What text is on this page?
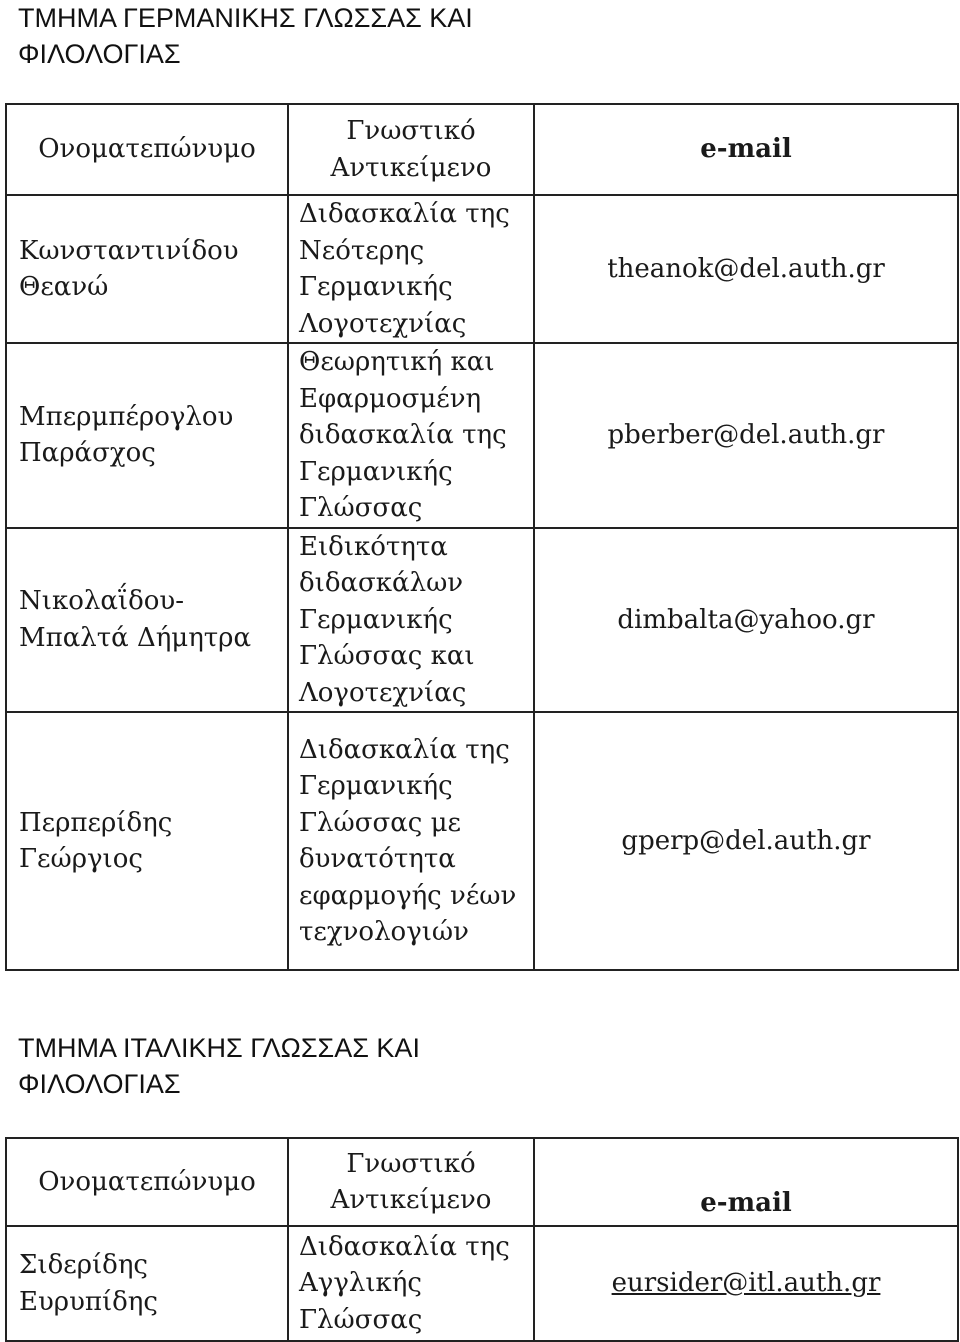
ΤΜΗΜΑ ΓΕΡΜΑΝΙΚΗΣ ΓΛΩΣΣΑΣ ΚΑΙ ΦΙΛΟΛΟΓΙΑΣ
Ονοματεπώνυμο	Γνωστικό Αντικείμενο	e-mail
Κωνσταντινίδου Θεανώ	Διδασκαλία της Νεότερης Γερμανικής Λογοτεχνίας	theanok@del.auth.gr
Μπερμπέρογλου Παράσχος	Θεωρητική και Εφαρμοσμένη διδασκαλία της Γερμανικής Γλώσσας	pberber@del.auth.gr
Νικολαΐδου-Μπαλτά Δήμητρα	Ειδικότητα διδασκάλων Γερμανικής Γλώσσας και Λογοτεχνίας	dimbalta@yahoo.gr
Περπερίδης Γεώργιος	Διδασκαλία της Γερμανικής Γλώσσας με δυνατότητα εφαρμογής νέων τεχνολογιών	gperp@del.auth.gr
ΤΜΗΜΑ ΙΤΑΛΙΚΗΣ ΓΛΩΣΣΑΣ ΚΑΙ ΦΙΛΟΛΟΓΙΑΣ
Ονοματεπώνυμο	Γνωστικό Αντικείμενο	e-mail
Σιδερίδης Ευρυπίδης	Διδασκαλία της Αγγλικής Γλώσσας	eursider@itl.auth.gr
